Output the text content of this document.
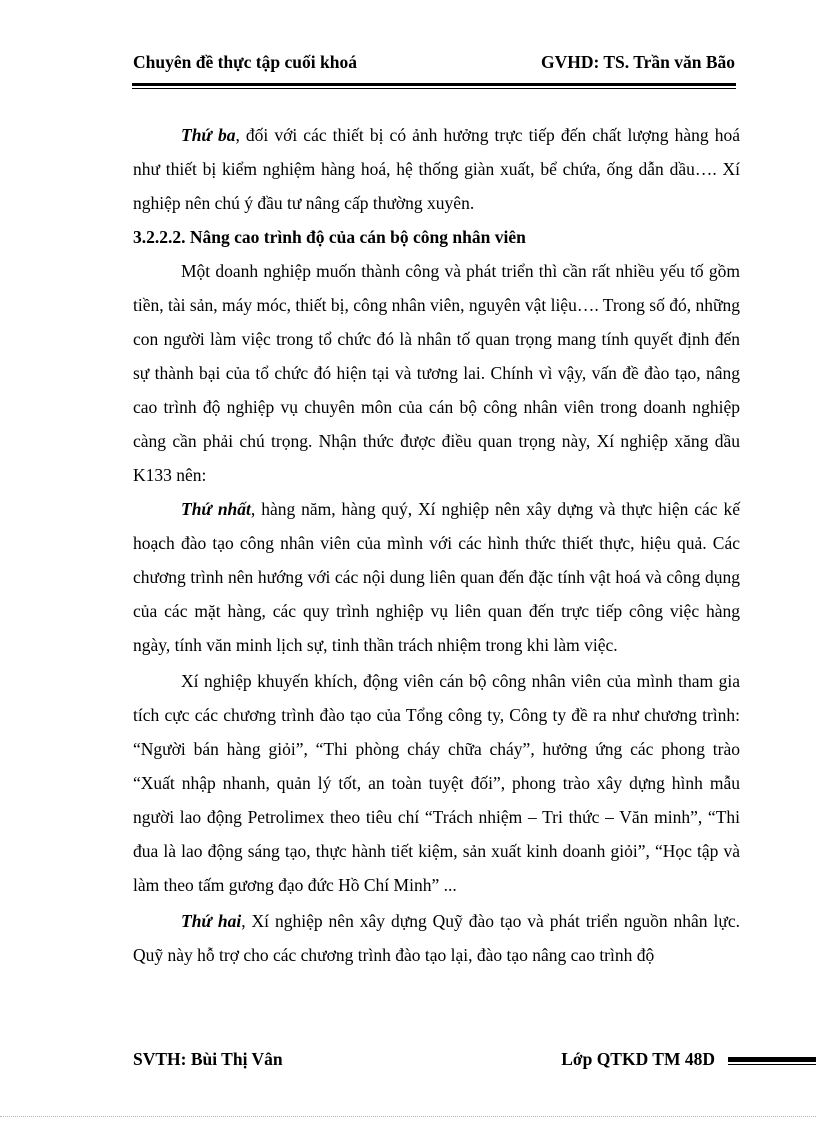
Chuyên đề thực tập cuối khoá	GVHD: TS. Trần văn Bão

Thứ ba, đối với các thiết bị có ảnh hưởng trực tiếp đến chất lượng hàng hoá như thiết bị kiểm nghiệm hàng hoá, hệ thống giàn xuất, bể chứa, ống dẫn dầu…. Xí nghiệp nên chú ý đầu tư nâng cấp thường xuyên.

3.2.2.2. Nâng cao trình độ của cán bộ công nhân viên

Một doanh nghiệp muốn thành công và phát triển thì cần rất nhiều yếu tố gồm tiền, tài sản, máy móc, thiết bị, công nhân viên, nguyên vật liệu…. Trong số đó, những con người làm việc trong tổ chức đó là nhân tố quan trọng mang tính quyết định đến sự thành bại của tổ chức đó hiện tại và tương lai. Chính vì vậy, vấn đề đào tạo, nâng cao trình độ nghiệp vụ chuyên môn của cán bộ công nhân viên trong doanh nghiệp càng cần phải chú trọng. Nhận thức được điều quan trọng này, Xí nghiệp xăng dầu K133 nên:

Thứ nhất, hàng năm, hàng quý, Xí nghiệp nên xây dựng và thực hiện các kế hoạch đào tạo công nhân viên của mình với các hình thức thiết thực, hiệu quả. Các chương trình nên hướng với các nội dung liên quan đến đặc tính vật hoá và công dụng của các mặt hàng, các quy trình nghiệp vụ liên quan đến trực tiếp công việc hàng ngày, tính văn minh lịch sự, tinh thần trách nhiệm trong khi làm việc.

Xí nghiệp khuyến khích, động viên cán bộ công nhân viên của mình tham gia tích cực các chương trình đào tạo của Tổng công ty, Công ty đề ra như chương trình: “Người bán hàng giỏi”, “Thi phòng cháy chữa cháy”, hưởng ứng các phong trào “Xuất nhập nhanh, quản lý tốt, an toàn tuyệt đối”, phong trào xây dựng hình mẫu người lao động Petrolimex theo tiêu chí “Trách nhiệm – Tri thức – Văn minh”, “Thi đua là lao động sáng tạo, thực hành tiết kiệm, sản xuất kinh doanh giỏi”, “Học tập và làm theo tấm gương đạo đức Hồ Chí Minh” ...

Thứ hai, Xí nghiệp nên xây dựng Quỹ đào tạo và phát triển nguồn nhân lực. Quỹ này hỗ trợ cho các chương trình đào tạo lại, đào tạo nâng cao trình độ

SVTH: Bùi Thị Vân	Lớp QTKD TM 48D
